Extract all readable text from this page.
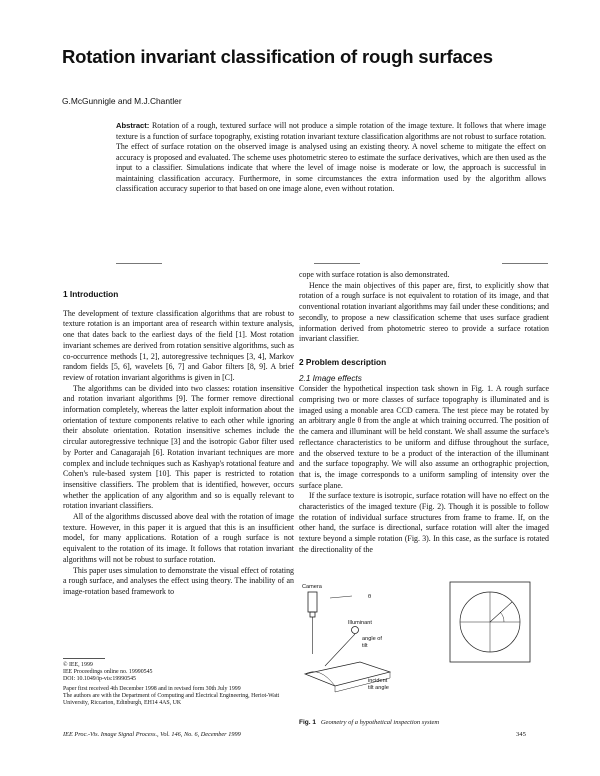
Rotation invariant classification of rough surfaces
G.McGunnigle and M.J.Chantler

Abstract: Rotation of a rough, textured surface will not produce a simple rotation of the image texture. It follows that where image texture is a function of surface topography, existing rotation invariant texture classification algorithms are not robust to surface rotation. The effect of surface rotation on the observed image is analysed using an existing theory. A novel scheme to mitigate the effect on accuracy is proposed and evaluated. The scheme uses photometric stereo to estimate the surface derivatives, which are then used as the input to a classifier. Simulations indicate that where the level of image noise is moderate or low, the approach is successful in maintaining classification accuracy. Furthermore, in some circumstances the extra information used by the algorithm allows classification accuracy superior to that based on one image alone, even without rotation.

1 Introduction

The development of texture classification algorithms that are robust to texture rotation is an important area of research within texture analysis, one that dates back to the earliest days of the field [1]. Most rotation invariant schemes are derived from rotation sensitive algorithms, such as co-occurrence methods [1, 2], autoregressive techniques [3, 4], Markov random fields [5, 6], wavelets [6, 7] and Gabor filters [8, 9]. A brief review of rotation invariant algorithms is given in [C].

The algorithms can be divided into two classes: rotation insensitive and rotation invariant algorithms [9]. The former remove directional information completely, whereas the latter exploit information about the orientation of texture components relative to each other while ignoring their absolute orientation. Rotation insensitive schemes include the circular autoregressive technique [3] and the isotropic Gabor filter used by Porter and Canagarajah [6]. Rotation invariant techniques are more complex and include techniques such as Kashyap's rotational feature and Cohen's rule-based system [10]. This paper is restricted to rotation insensitive classifiers. The problem that is identified, however, occurs whether the application of any algorithm and so is equally relevant to rotation invariant classifiers.

All of the algorithms discussed above deal with the rotation of image texture. However, in this paper it is argued that this is an insufficient model, for many applications. Rotation of a rough surface is not equivalent to the rotation of its image. It follows that rotation invariant algorithms will not be robust to surface rotation.

This paper uses simulation to demonstrate the visual effect of rotating a rough surface, and analyses the effect using theory. The inability of an image-rotation based framework to

cope with surface rotation is also demonstrated.

Hence the main objectives of this paper are, first, to explicitly show that rotation of a rough surface is not equivalent to rotation of its image, and that conventional rotation invariant algorithms may fail under these conditions; and secondly, to propose a new classification scheme that uses surface gradient information derived from photometric stereo to provide a surface rotation invariant classifier.

2 Problem description
2.1 Image effects

Consider the hypothetical inspection task shown in Fig. 1. A rough surface comprising two or more classes of surface topography is illuminated and is imaged using a monable area CCD camera. The test piece may be rotated by an arbitrary angle θ from the angle at which training occurred. The position of the camera and illuminant will be held constant. We shall assume the surface's reflectance characteristics to be uniform and diffuse throughout the surface, and the observed texture to be a product of the interaction of the illuminant and the surface topography. We will also assume an orthographic projection, that is, the image corresponds to a uniform sampling of intensity over the surface plane.

If the surface texture is isotropic, surface rotation will have no effect on the characteristics of the imaged texture (Fig. 2). Though it is possible to follow the rotation of individual surface structures from frame to frame. If, on the other hand, the surface is directional, surface rotation will alter the imaged texture beyond a simple rotation (Fig. 3). In this case, as the surface is rotated the directionality of the

© IEE, 1999

IEE Proceedings online no. 19990545

DOI: 10.1049/ip-vis:19990545

Paper first received 4th December 1998 and in revised form 30th July 1999

The authors are with the Department of Computing and Electrical Engineering, Heriot-Watt University, Riccarton, Edinburgh, EH14 4AS, UK

Camera
Illuminant
angle of
tilt
θ
incident
tilt angle
Fig. 1 Geometry of a hypothetical inspection system
IEE Proc.-Vis. Image Signal Process., Vol. 146, No. 6, December 1999	345
